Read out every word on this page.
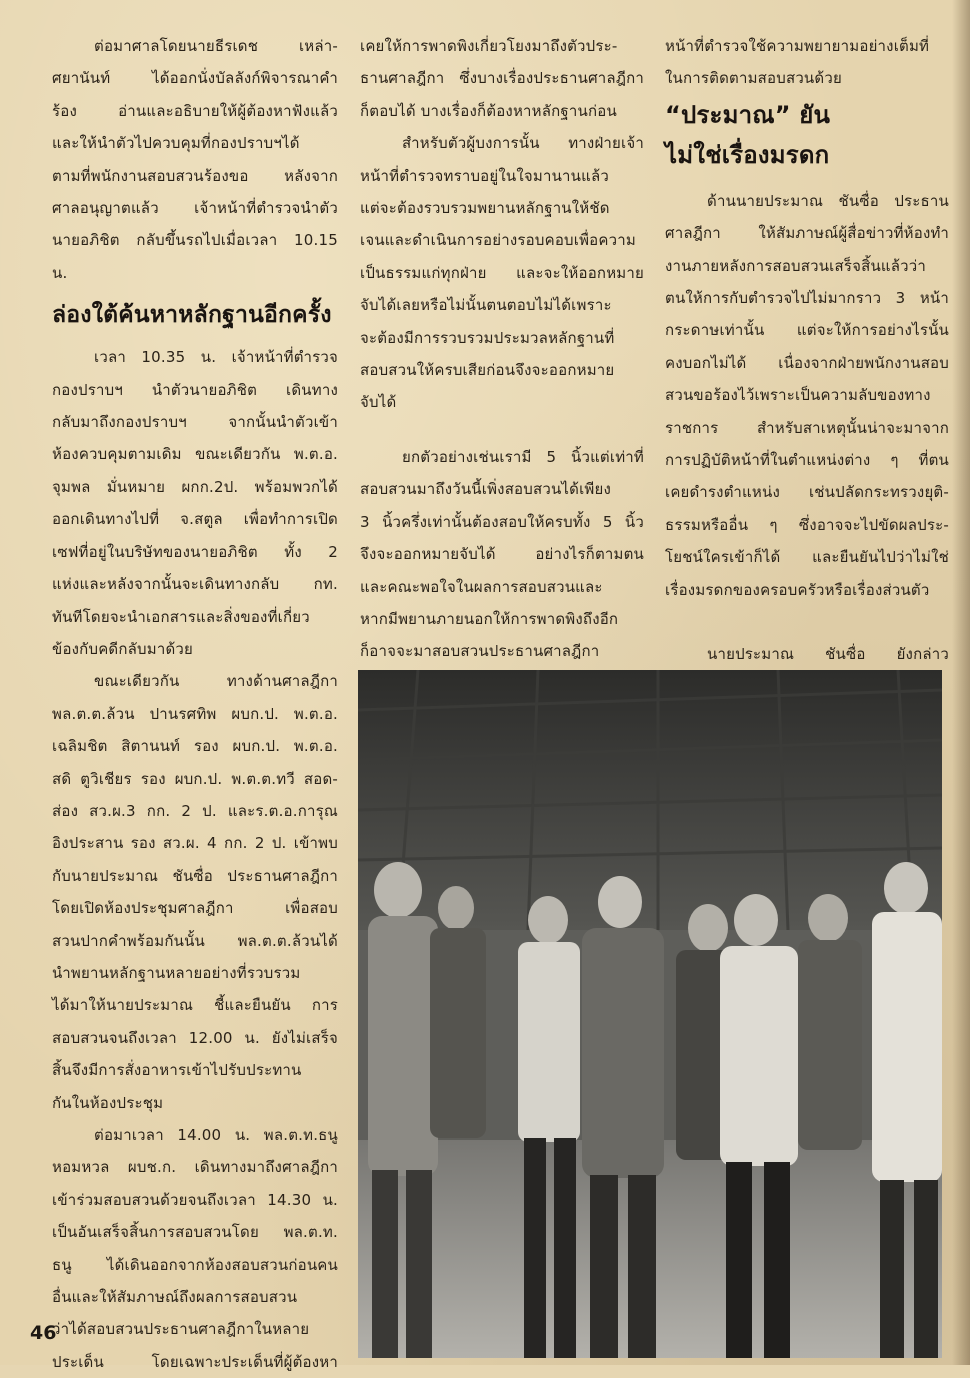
ต่อมาศาลโดยนายธีรเดช เหล่า-

ศยานันท์ ได้ออกนั่งบัลลังก์พิจารณาคำ

ร้อง อ่านและอธิบายให้ผู้ต้องหาฟังแล้ว

และให้นำตัวไปควบคุมที่กองปราบฯได้

ตามที่พนักงานสอบสวนร้องขอ หลังจาก

ศาลอนุญาตแล้ว เจ้าหน้าที่ตำรวจนำตัว

นายอภิชิต กลับขึ้นรถไปเมื่อเวลา 10.15

น.

ล่องใต้ค้นหาหลักฐานอีกครั้ง

เวลา 10.35 น. เจ้าหน้าที่ตำรวจ

กองปราบฯ นำตัวนายอภิชิต เดินทาง

กลับมาถึงกองปราบฯ จากนั้นนำตัวเข้า

ห้องควบคุมตามเดิม ขณะเดียวกัน พ.ต.อ.

จุมพล มั่นหมาย ผกก.2ป. พร้อมพวกได้

ออกเดินทางไปที่ จ.สตูล เพื่อทำการเปิด

เซฟที่อยู่ในบริษัทของนายอภิชิต ทั้ง 2

แห่งและหลังจากนั้นจะเดินทางกลับ กท.

ทันทีโดยจะนำเอกสารและสิ่งของที่เกี่ยว

ข้องกับคดีกลับมาด้วย

ขณะเดียวกัน ทางด้านศาลฎีกา

พล.ต.ต.ล้วน ปานรศทิพ ผบก.ป. พ.ต.อ.

เฉลิมชิต สิตานนท์ รอง ผบก.ป. พ.ต.อ.

สดิ ตูวิเชียร รอง ผบก.ป. พ.ต.ต.ทวี สอด-

ส่อง สว.ผ.3 กก. 2 ป. และร.ต.อ.การุณ

อิงประสาน รอง สว.ผ. 4 กก. 2 ป. เข้าพบ

กับนายประมาณ ชันซื่อ ประธานศาลฎีกา

โดยเปิดห้องประชุมศาลฎีกา เพื่อสอบ

สวนปากคำพร้อมกันนั้น พล.ต.ต.ล้วนได้

นำพยานหลักฐานหลายอย่างที่รวบรวม

ได้มาให้นายประมาณ ชี้และยืนยัน การ

สอบสวนจนถึงเวลา 12.00 น. ยังไม่เสร็จ

สิ้นจึงมีการสั่งอาหารเข้าไปรับประทาน

กันในห้องประชุม

ต่อมาเวลา 14.00 น. พล.ต.ท.ธนู

หอมหวล ผบช.ก. เดินทางมาถึงศาลฎีกา

เข้าร่วมสอบสวนด้วยจนถึงเวลา 14.30 น.

เป็นอันเสร็จสิ้นการสอบสวนโดย พล.ต.ท.

ธนู ได้เดินออกจากห้องสอบสวนก่อนคน

อื่นและให้สัมภาษณ์ถึงผลการสอบสวน

ว่าได้สอบสวนประธานศาลฎีกาในหลาย

ประเด็น โดยเฉพาะประเด็นที่ผู้ต้องหา

เคยให้การพาดพิงเกี่ยวโยงมาถึงตัวประ-

ธานศาลฎีกา ซึ่งบางเรื่องประธานศาลฎีกา

ก็ตอบได้ บางเรื่องก็ต้องหาหลักฐานก่อน

สำหรับตัวผู้บงการนั้น ทางฝ่ายเจ้า

หน้าที่ตำรวจทราบอยู่ในใจมานานแล้ว

แต่จะต้องรวบรวมพยานหลักฐานให้ชัด

เจนและดำเนินการอย่างรอบคอบเพื่อความ

เป็นธรรมแก่ทุกฝ่าย และจะให้ออกหมาย

จับได้เลยหรือไม่นั้นตนตอบไม่ได้เพราะ

จะต้องมีการรวบรวมประมวลหลักฐานที่

สอบสวนให้ครบเสียก่อนจึงจะออกหมาย

จับได้

ยกตัวอย่างเช่นเรามี 5 นิ้วแต่เท่าที่

สอบสวนมาถึงวันนี้เพิ่งสอบสวนได้เพียง

3 นิ้วครึ่งเท่านั้นต้องสอบให้ครบทั้ง 5 นิ้ว

จึงจะออกหมายจับได้ อย่างไรก็ตามตน

และคณะพอใจในผลการสอบสวนและ

หากมีพยานภายนอกให้การพาดพิงถึงอีก

ก็อาจจะมาสอบสวนประธานศาลฎีกา

หน้าที่ตำรวจใช้ความพยายามอย่างเต็มที่

ในการติดตามสอบสวนด้วย

“ประมาณ” ยัน
ไม่ใช่เรื่องมรดก

ด้านนายประมาณ ชันซื่อ ประธาน

ศาลฎีกา ให้สัมภาษณ์ผู้สื่อข่าวที่ห้องทำ

งานภายหลังการสอบสวนเสร็จสิ้นแล้วว่า

ตนให้การกับตำรวจไปไม่มากราว 3 หน้า

กระดาษเท่านั้น แต่จะให้การอย่างไรนั้น

คงบอกไม่ได้ เนื่องจากฝ่ายพนักงานสอบ

สวนขอร้องไว้เพราะเป็นความลับของทาง

ราชการ สำหรับสาเหตุนั้นน่าจะมาจาก

การปฏิบัติหน้าที่ในตำแหน่งต่าง ๆ ที่ตน

เคยดำรงตำแหน่ง เช่นปลัดกระทรวงยุติ-

ธรรมหรืออื่น ๆ ซึ่งอาจจะไปขัดผลประ-

โยชน์ใครเข้าก็ได้ และยืนยันไปว่าไม่ใช่

เรื่องมรดกของครอบครัวหรือเรื่องส่วนตัว

นายประมาณ ชันซื่อ ยังกล่าว

46
